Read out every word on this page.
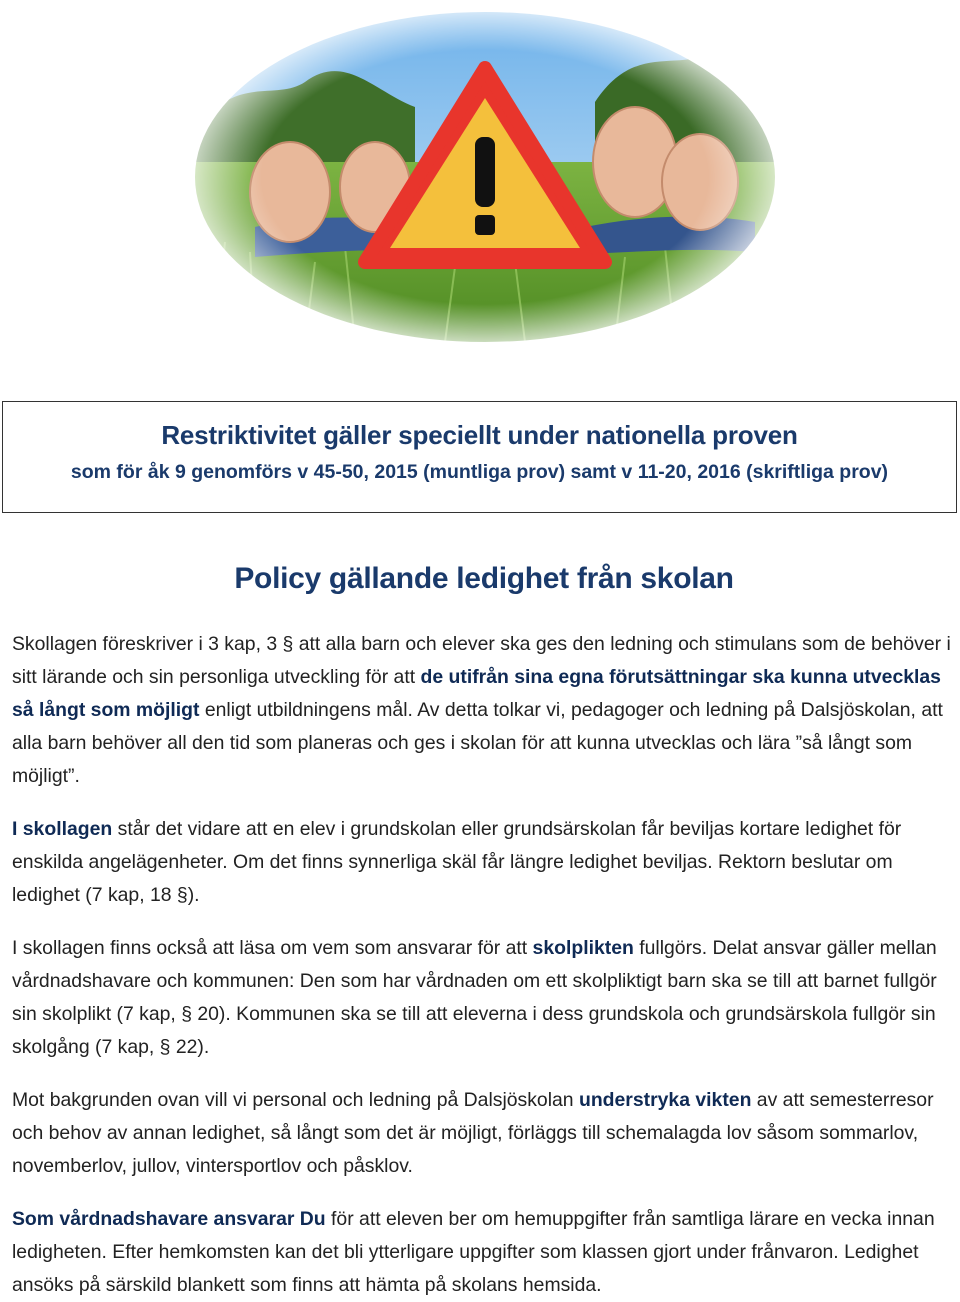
Restriktivitet gäller speciellt under nationella proven
som för åk 9 genomförs v 45-50, 2015 (muntliga prov) samt v 11-20, 2016 (skriftliga prov)
Policy gällande ledighet från skolan

Skollagen föreskriver i 3 kap, 3 § att alla barn och elever ska ges den ledning och stimulans som de behöver i sitt lärande och sin personliga utveckling för att de utifrån sina egna förutsättningar ska kunna utvecklas så långt som möjligt enligt utbildningens mål. Av detta tolkar vi, pedagoger och ledning på Dalsjöskolan, att alla barn behöver all den tid som planeras och ges i skolan för att kunna utvecklas och lära ”så långt som möjligt”.

I skollagen står det vidare att en elev i grundskolan eller grundsärskolan får beviljas kortare ledighet för enskilda angelägenheter. Om det finns synnerliga skäl får längre ledighet beviljas. Rektorn beslutar om ledighet (7 kap, 18 §).

I skollagen finns också att läsa om vem som ansvarar för att skolplikten fullgörs. Delat ansvar gäller mellan vårdnadshavare och kommunen: Den som har vårdnaden om ett skolpliktigt barn ska se till att barnet fullgör sin skolplikt (7 kap, § 20). Kommunen ska se till att eleverna i dess grundskola och grundsärskola fullgör sin skolgång (7 kap, § 22).

Mot bakgrunden ovan vill vi personal och ledning på Dalsjöskolan understryka vikten av att semesterresor och behov av annan ledighet, så långt som det är möjligt, förläggs till schemalagda lov såsom sommarlov, novemberlov, jullov, vintersportlov och påsklov.

Som vårdnadshavare ansvarar Du för att eleven ber om hemuppgifter från samtliga lärare en vecka innan ledigheten. Efter hemkomsten kan det bli ytterligare uppgifter som klassen gjort under frånvaron. Ledighet ansöks på särskild blankett som finns att hämta på skolans hemsida.
